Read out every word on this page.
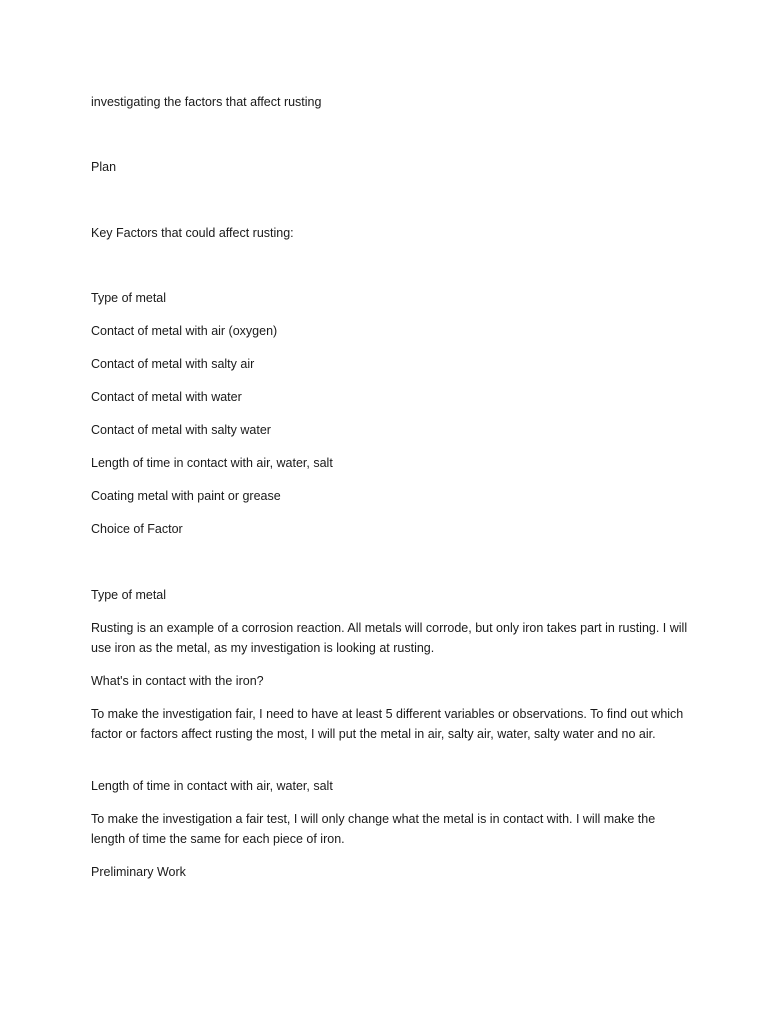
investigating the factors that affect rusting
Plan
Key Factors that could affect rusting:
Type of metal
Contact of metal with air (oxygen)
Contact of metal with salty air
Contact of metal with water
Contact of metal with salty water
Length of time in contact with air, water, salt
Coating metal with paint or grease
Choice of Factor
Type of metal
Rusting is an example of a corrosion reaction. All metals will corrode, but only iron takes part in rusting. I will use iron as the metal, as my investigation is looking at rusting.
What's in contact with the iron?
To make the investigation fair, I need to have at least 5 different variables or observations. To find out which factor or factors affect rusting the most, I will put the metal in air, salty air, water, salty water and no air.
Length of time in contact with air, water, salt
To make the investigation a fair test, I will only change what the metal is in contact with. I will make the length of time the same for each piece of iron.
Preliminary Work
